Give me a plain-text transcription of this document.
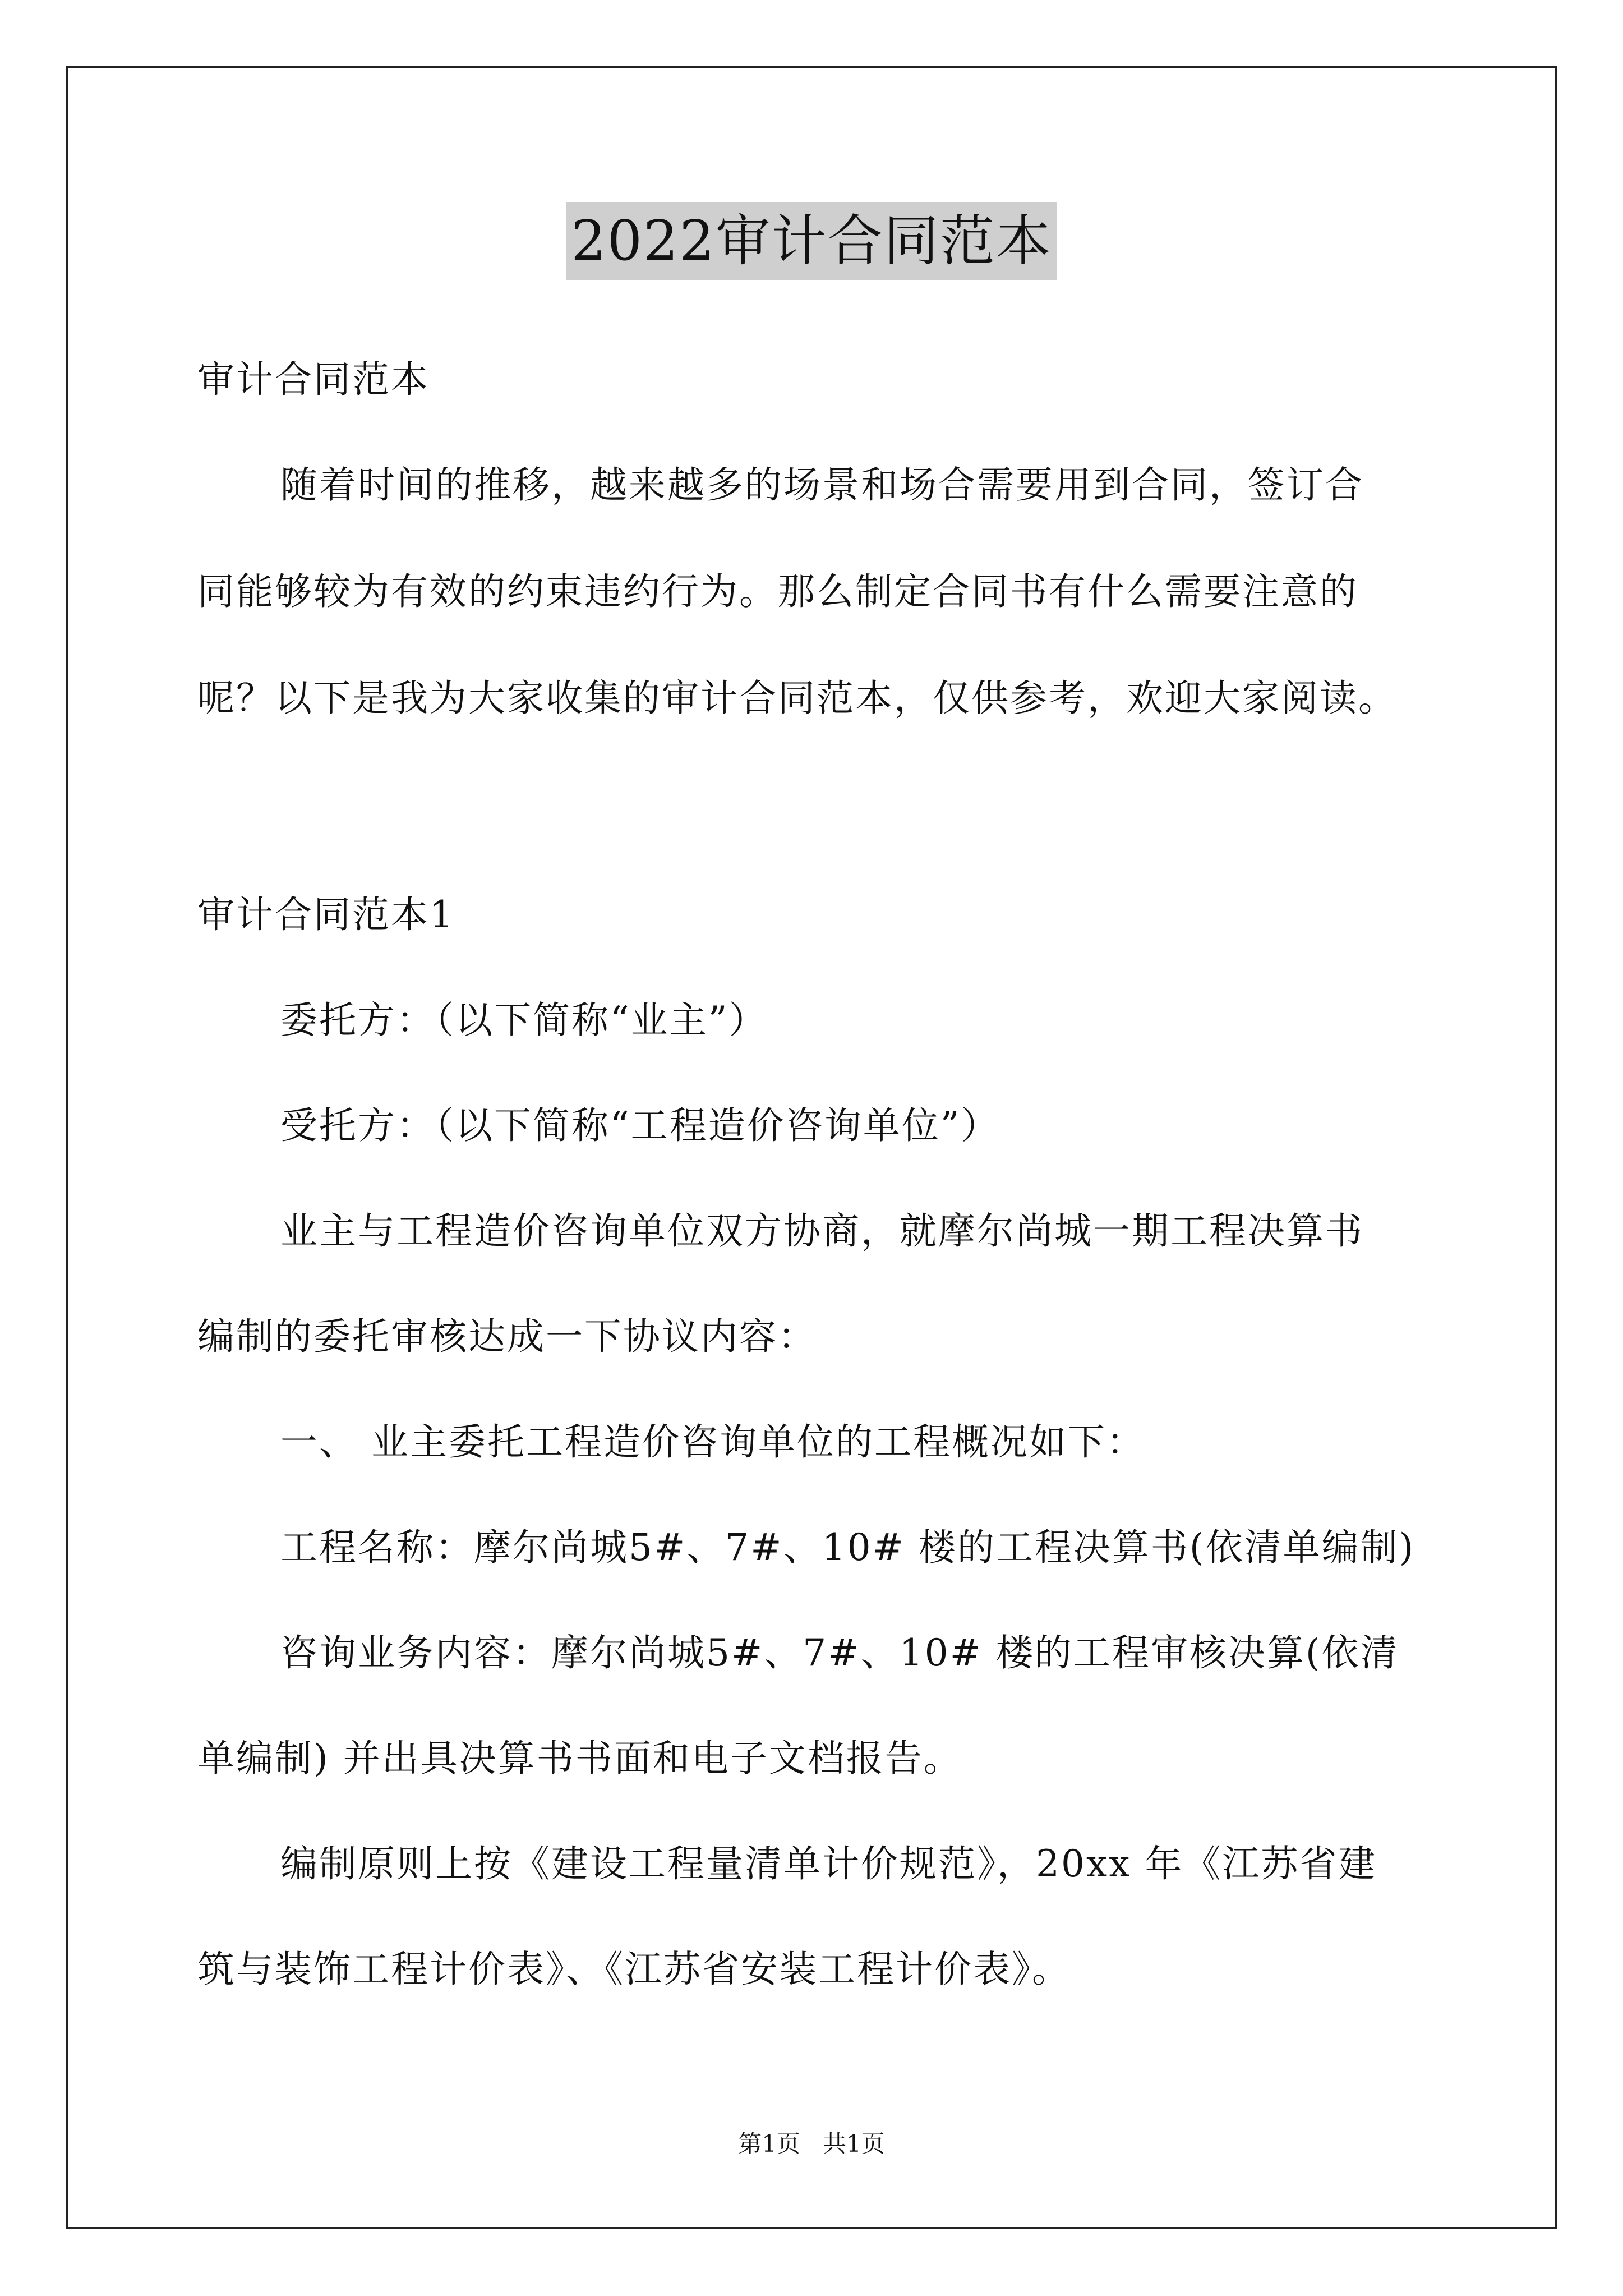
2022审计合同范本
审计合同范本
随着时间的推移，越来越多的场景和场合需要用到合同，签订合
同能够较为有效的约束违约行为。那么制定合同书有什么需要注意的
呢？以下是我为大家收集的审计合同范本，仅供参考，欢迎大家阅读。
审计合同范本1
委托方：（以下简称“业主”）
受托方：（以下简称“工程造价咨询单位”）
业主与工程造价咨询单位双方协商，就摩尔尚城一期工程决算书
编制的委托审核达成一下协议内容：
一、 业主委托工程造价咨询单位的工程概况如下：
工程名称：摩尔尚城5#、7#、10# 楼的工程决算书(依清单编制)
咨询业务内容：摩尔尚城5#、7#、10# 楼的工程审核决算(依清
单编制) 并出具决算书书面和电子文档报告。
编制原则上按《建设工程量清单计价规范》，20xx 年《江苏省建
筑与装饰工程计价表》、《江苏省安装工程计价表》。
第1页 共1页
